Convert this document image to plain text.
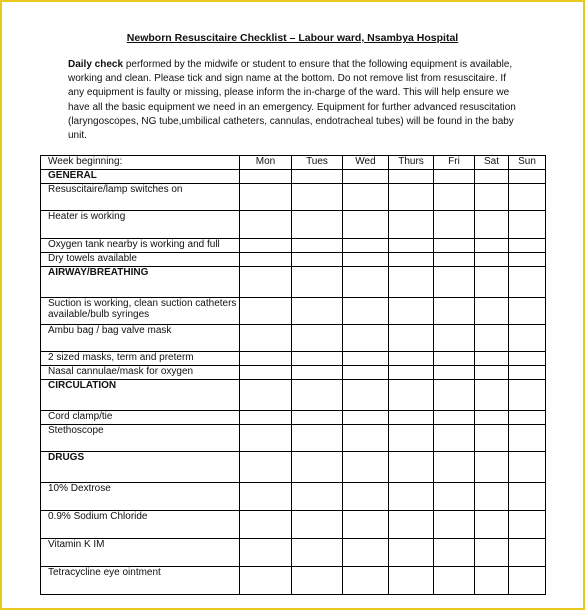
Newborn Resuscitaire Checklist – Labour ward, Nsambya Hospital
Daily check performed by the midwife or student to ensure that the following equipment is available, working and clean. Please tick and sign name at the bottom. Do not remove list from resuscitaire. If any equipment is faulty or missing, please inform the in-charge of the ward. This will help ensure we have all the basic equipment we need in an emergency. Equipment for further advanced resuscitation (laryngoscopes, NG tube,umbilical catheters, cannulas, endotracheal tubes) will be found in the baby unit.
Week beginning:	Mon	Tues	Wed	Thurs	Fri	Sat	Sun
GENERAL							
Resuscitaire/lamp switches on							
Heater is working							
Oxygen tank nearby is working and full							
Dry towels available							
AIRWAY/BREATHING							
Suction is working, clean suction catheters available/bulb syringes							
Ambu bag / bag valve mask							
2 sized masks, term and preterm							
Nasal cannulae/mask for oxygen							
CIRCULATION							
Cord clamp/tie							
Stethoscope							
DRUGS							
10% Dextrose							
0.9% Sodium Chloride							
Vitamin K IM							
Tetracycline eye ointment							
